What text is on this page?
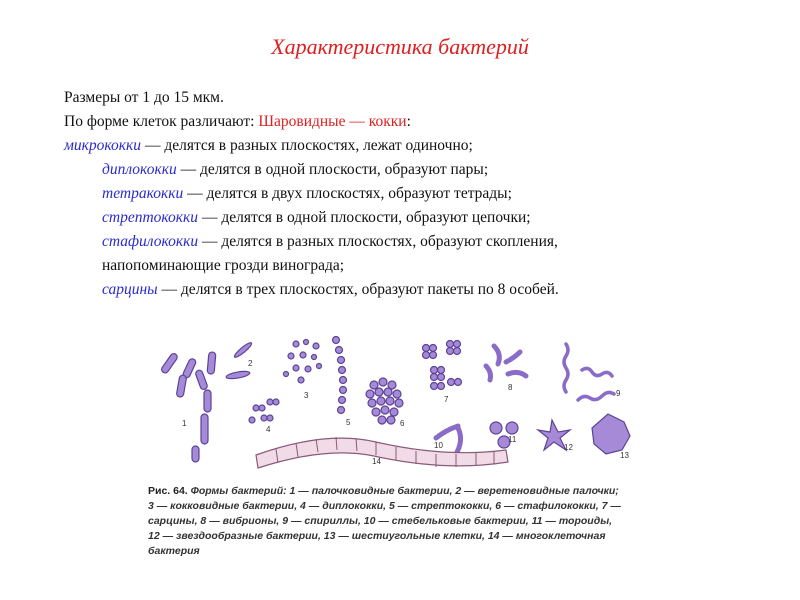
Характеристика бактерий

Размеры от 1 до 15 мкм.

По форме клеток различают: Шаровидные — кокки:

микрококки — делятся в разных плоскостях, лежат одиночно;

диплококки — делятся в одной плоскости, образуют пары;

тетракокки — делятся в двух плоскостях, образуют тетрады;

стрептококки — делятся в одной плоскости, образуют цепочки;

стафилококки — делятся в разных плоскостях, образуют скопления,

напопоминающие грозди винограда;

сарцины — делятся в трех плоскостях, образуют пакеты по 8 особей.

1
2
3
4
5	6
7
8
9
10
11
12
13
14
Рис. 64. Формы бактерий: 1 — палочковидные бактерии, 2 — веретеновидные палочки; 3 — кокковидные бактерии, 4 — диплококки, 5 — стрептококки, 6 — стафилококки, 7 — сарцины, 8 — вибрионы, 9 — спириллы, 10 — стебельковые бактерии, 11 — тороиды, 12 — звездообразные бактерии, 13 — шестиугольные клетки, 14 — многоклеточная бактерия
